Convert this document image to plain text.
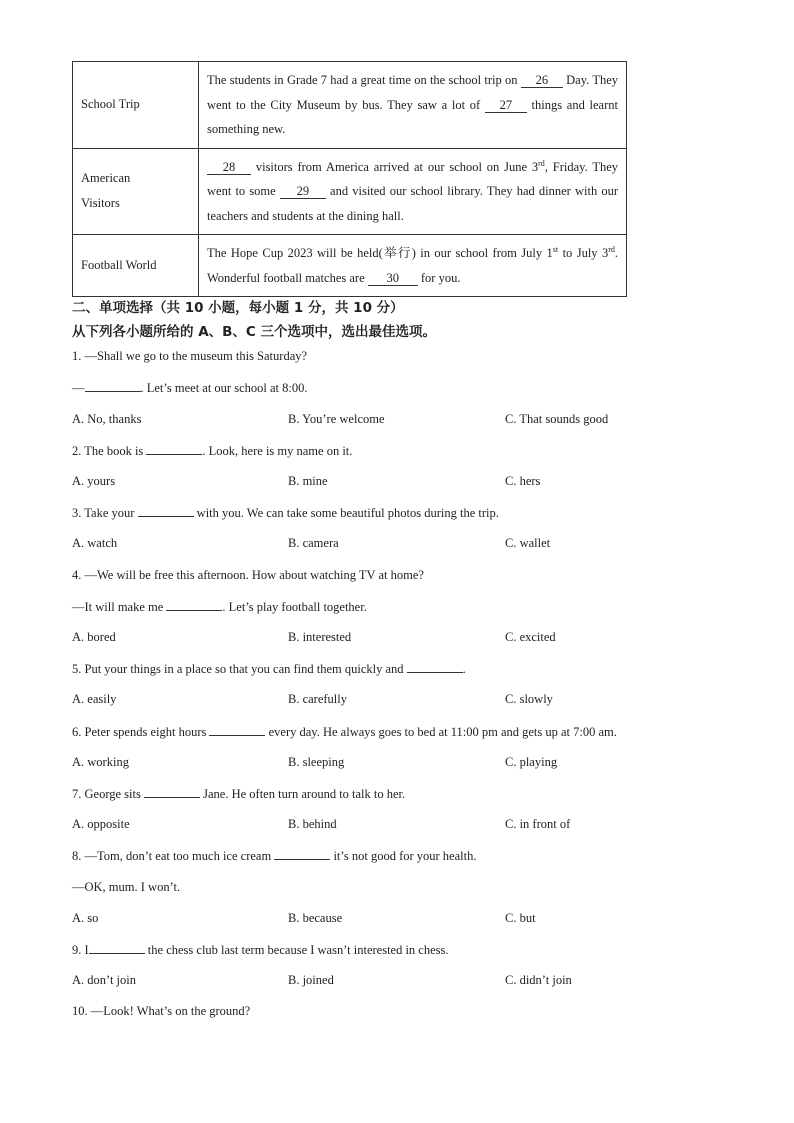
School Trip	The students in Grade 7 had a great time on the school trip on 26 Day. They went to the City Museum by bus. They saw a lot of 27 things and learnt something new.
American
Visitors	28 visitors from America arrived at our school on June 3rd, Friday. They went to some 29 and visited our school library. They had dinner with our teachers and students at the dining hall.
Football World	The Hope Cup 2023 will be held(举行) in our school from July 1st to July 3rd. Wonderful football matches are 30 for you.
二、单项选择（共 10 小题，每小题 1 分，共 10 分）
从下列各小题所给的 A、B、C 三个选项中，选出最佳选项。
1. —Shall we go to the museum this Saturday?
—	. Let’s meet at our school at 8:00.
A. No, thanks	B. You’re welcome	C. That sounds good
2. The book is	. Look, here is my name on it.
A. yours	B. mine	C. hers
3. Take your	with you. We can take some beautiful photos during the trip.
A. watch	B. camera	C. wallet
4. —We will be free this afternoon. How about watching TV at home?
—It will make me	. Let’s play football together.
A. bored	B. interested	C. excited
5. Put your things in a place so that you can find them quickly and	.
A. easily	B. carefully	C. slowly
6. Peter spends eight hours	every day. He always goes to bed at 11:00 pm and gets up at 7:00 am.
A. working	B. sleeping	C. playing
7. George sits	Jane. He often turn around to talk to her.
A. opposite	B. behind	C. in front of
8. —Tom, don’t eat too much ice cream	it’s not good for your health.
—OK, mum. I won’t.
A. so	B. because	C. but
9. I	the chess club last term because I wasn’t interested in chess.
A. don’t join	B. joined	C. didn’t join
10. —Look! What’s on the ground?
